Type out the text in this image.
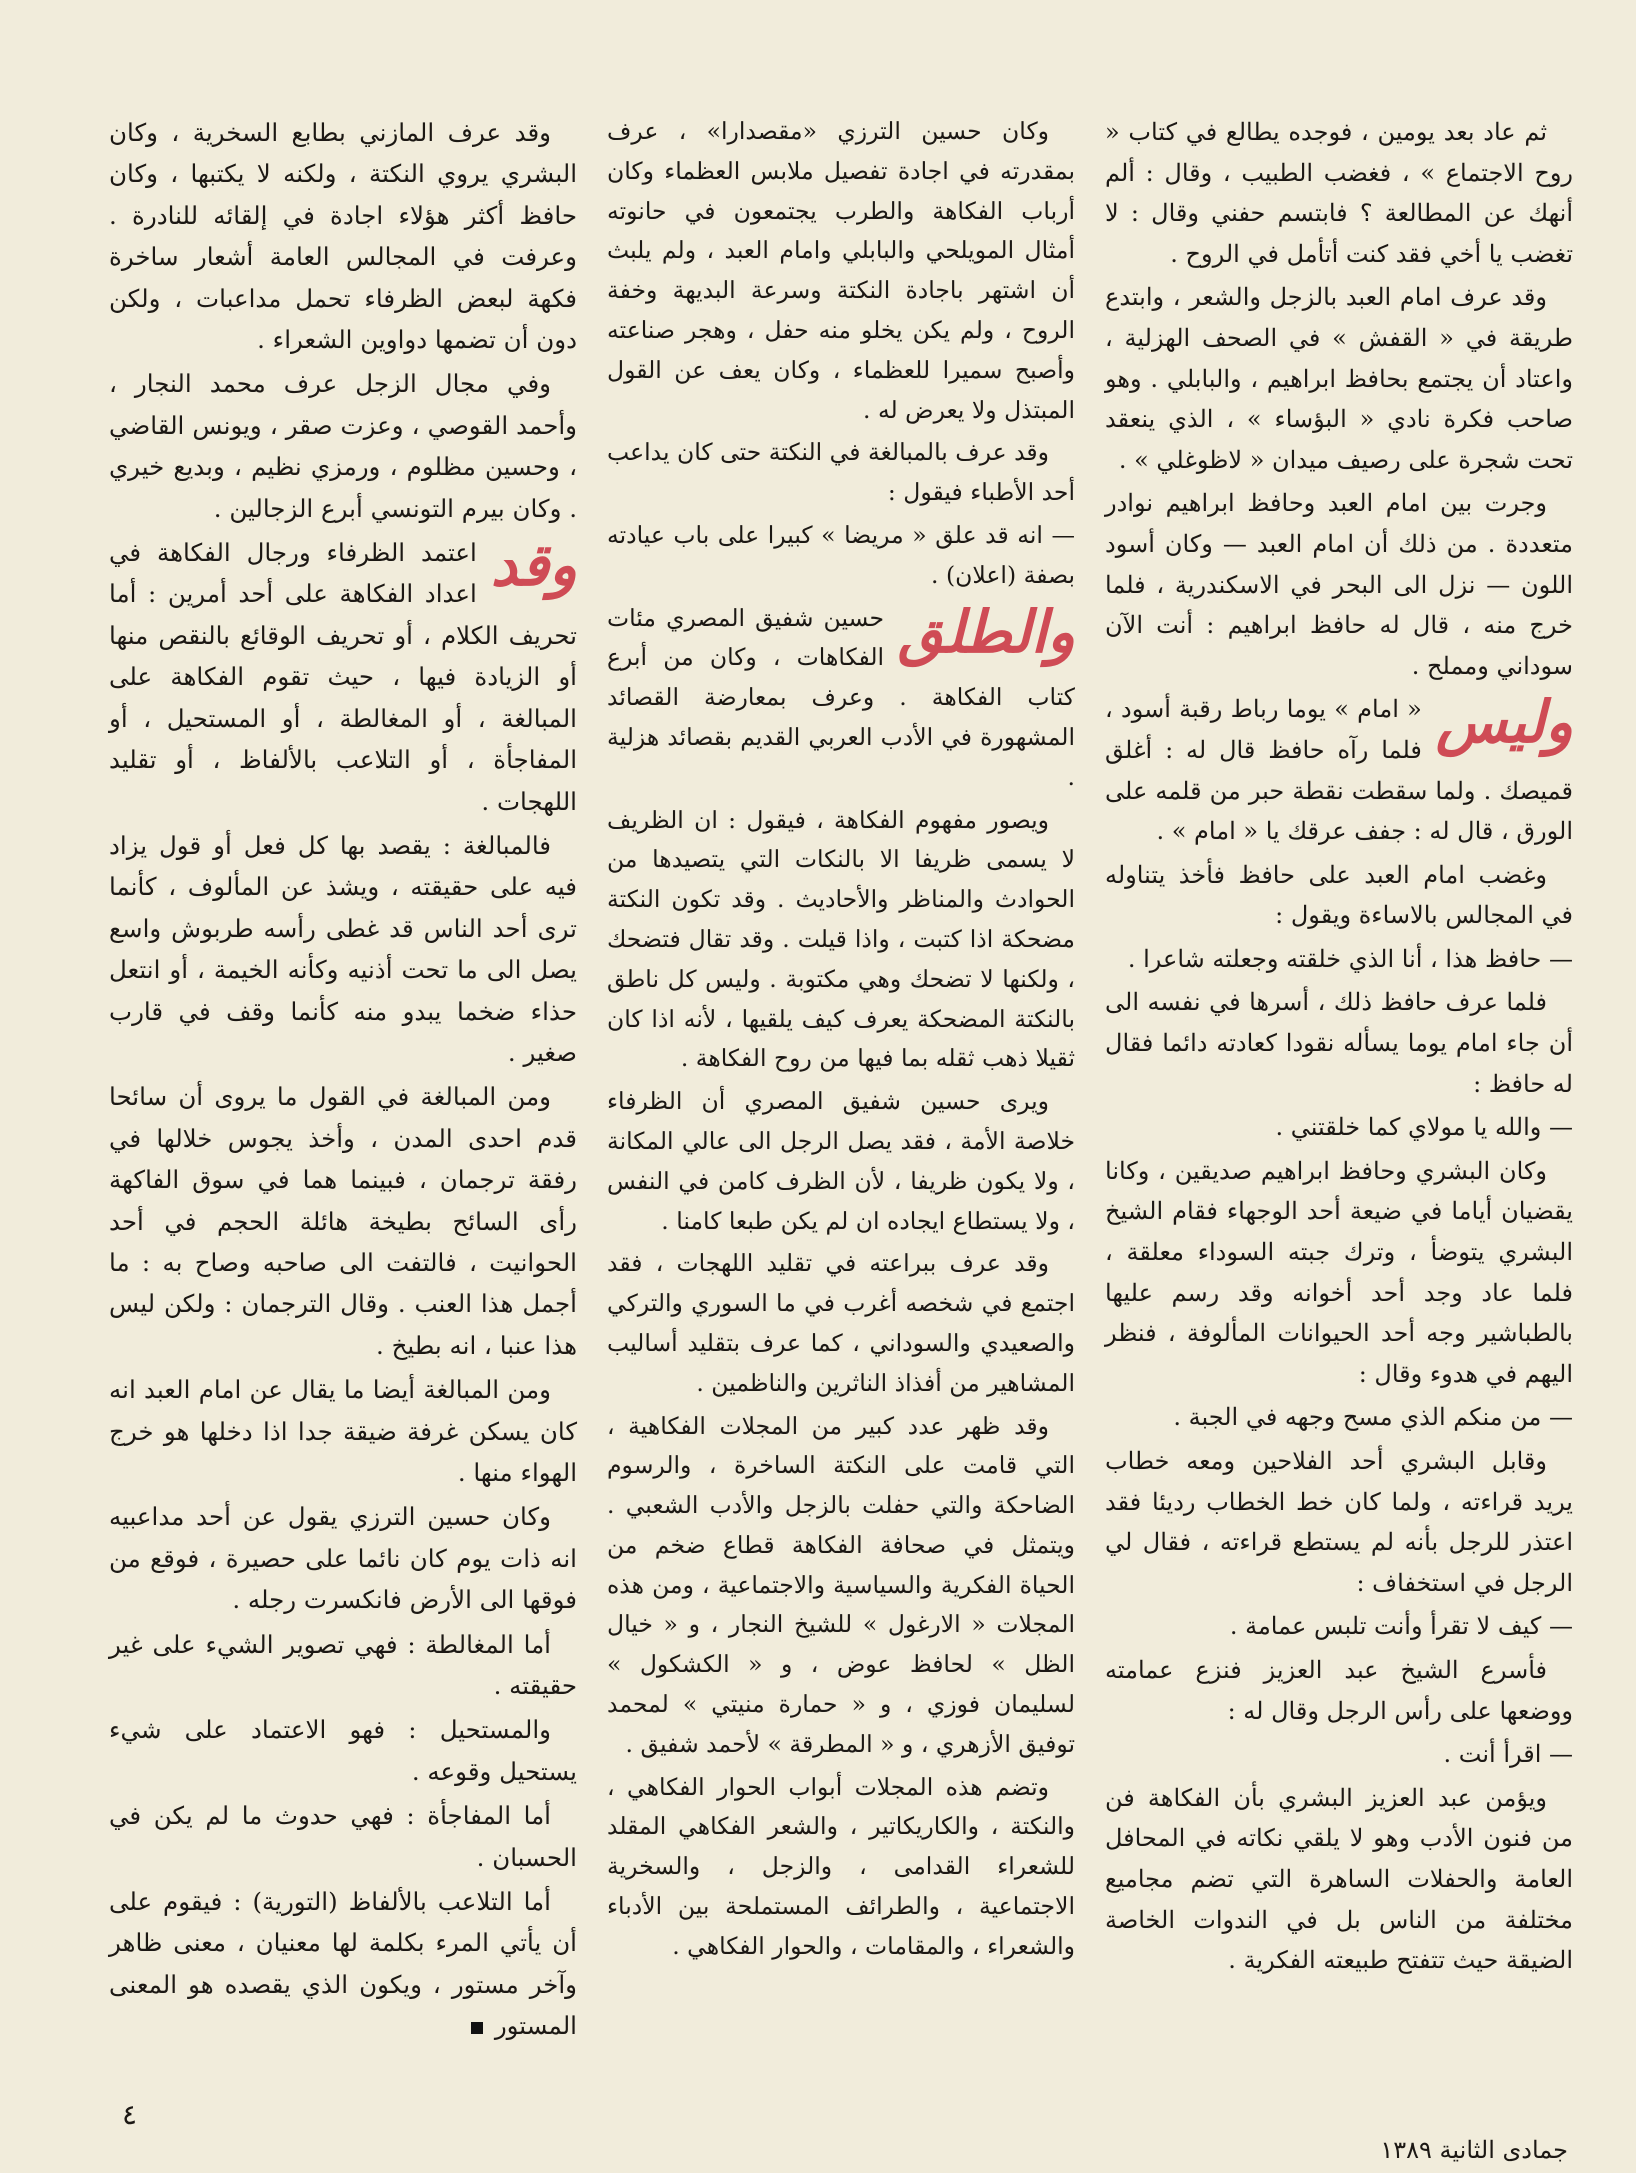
ثم عاد بعد يومين ، فوجده يطالع في كتاب « روح الاجتماع » ، فغضب الطبيب ، وقال : ألم أنهك عن المطالعة ؟ فابتسم حفني وقال : لا تغضب يا أخي فقد كنت أتأمل في الروح .

وقد عرف امام العبد بالزجل والشعر ، وابتدع طريقة في « القفش » في الصحف الهزلية ، واعتاد أن يجتمع بحافظ ابراهيم ، والبابلي . وهو صاحب فكرة نادي « البؤساء » ، الذي ينعقد تحت شجرة على رصيف ميدان « لاظوغلي » .

وجرت بين امام العبد وحافظ ابراهيم نوادر متعددة . من ذلك أن امام العبد — وكان أسود اللون — نزل الى البحر في الاسكندرية ، فلما خرج منه ، قال له حافظ ابراهيم : أنت الآن سوداني ومملح .

وليس

« امام » يوما رباط رقبة أسود ، فلما رآه حافظ قال له : أغلق قميصك . ولما سقطت نقطة حبر من قلمه على الورق ، قال له : جفف عرقك يا « امام » .

وغضب امام العبد على حافظ فأخذ يتناوله في المجالس بالاساءة ويقول :

— حافظ هذا ، أنا الذي خلقته وجعلته شاعرا .

فلما عرف حافظ ذلك ، أسرها في نفسه الى أن جاء امام يوما يسأله نقودا كعادته دائما فقال له حافظ :

— والله يا مولاي كما خلقتني .

وكان البشري وحافظ ابراهيم صديقين ، وكانا يقضيان أياما في ضيعة أحد الوجهاء فقام الشيخ البشري يتوضأ ، وترك جبته السوداء معلقة ، فلما عاد وجد أحد أخوانه وقد رسم عليها بالطباشير وجه أحد الحيوانات المألوفة ، فنظر اليهم في هدوء وقال :

— من منكم الذي مسح وجهه في الجبة .

وقابل البشري أحد الفلاحين ومعه خطاب يريد قراءته ، ولما كان خط الخطاب رديئا فقد اعتذر للرجل بأنه لم يستطع قراءته ، فقال لي الرجل في استخفاف :

— كيف لا تقرأ وأنت تلبس عمامة .

فأسرع الشيخ عبد العزيز فنزع عمامته ووضعها على رأس الرجل وقال له :

— اقرأ أنت .

ويؤمن عبد العزيز البشري بأن الفكاهة فن من فنون الأدب وهو لا يلقي نكاته في المحافل العامة والحفلات الساهرة التي تضم مجاميع مختلفة من الناس بل في الندوات الخاصة الضيقة حيث تتفتح طبيعته الفكرية .

وكان حسين الترزي «مقصدارا» ، عرف بمقدرته في اجادة تفصيل ملابس العظماء وكان أرباب الفكاهة والطرب يجتمعون في حانوته أمثال المويلحي والبابلي وامام العبد ، ولم يلبث أن اشتهر باجادة النكتة وسرعة البديهة وخفة الروح ، ولم يكن يخلو منه حفل ، وهجر صناعته وأصبح سميرا للعظماء ، وكان يعف عن القول المبتذل ولا يعرض له .

وقد عرف بالمبالغة في النكتة حتى كان يداعب أحد الأطباء فيقول :

— انه قد علق « مريضا » كبيرا على باب عيادته بصفة (اعلان) .

والطلق

حسين شفيق المصري مئات الفكاهات ، وكان من أبرع كتاب الفكاهة . وعرف بمعارضة القصائد المشهورة في الأدب العربي القديم بقصائد هزلية .

ويصور مفهوم الفكاهة ، فيقول : ان الظريف لا يسمى ظريفا الا بالنكات التي يتصيدها من الحوادث والمناظر والأحاديث . وقد تكون النكتة مضحكة اذا كتبت ، واذا قيلت . وقد تقال فتضحك ، ولكنها لا تضحك وهي مكتوبة . وليس كل ناطق بالنكتة المضحكة يعرف كيف يلقيها ، لأنه اذا كان ثقيلا ذهب ثقله بما فيها من روح الفكاهة .

ويرى حسين شفيق المصري أن الظرفاء خلاصة الأمة ، فقد يصل الرجل الى عالي المكانة ، ولا يكون ظريفا ، لأن الظرف كامن في النفس ، ولا يستطاع ايجاده ان لم يكن طبعا كامنا .

وقد عرف ببراعته في تقليد اللهجات ، فقد اجتمع في شخصه أغرب في ما السوري والتركي والصعيدي والسوداني ، كما عرف بتقليد أساليب المشاهير من أفذاذ الناثرين والناظمين .

وقد ظهر عدد كبير من المجلات الفكاهية ، التي قامت على النكتة الساخرة ، والرسوم الضاحكة والتي حفلت بالزجل والأدب الشعبي . ويتمثل في صحافة الفكاهة قطاع ضخم من الحياة الفكرية والسياسية والاجتماعية ، ومن هذه المجلات « الارغول » للشيخ النجار ، و « خيال الظل » لحافظ عوض ، و « الكشكول » لسليمان فوزي ، و « حمارة منيتي » لمحمد توفيق الأزهري ، و « المطرقة » لأحمد شفيق .

وتضم هذه المجلات أبواب الحوار الفكاهي ، والنكتة ، والكاريكاتير ، والشعر الفكاهي المقلد للشعراء القدامى ، والزجل ، والسخرية الاجتماعية ، والطرائف المستملحة بين الأدباء والشعراء ، والمقامات ، والحوار الفكاهي .

وقد عرف المازني بطابع السخرية ، وكان البشري يروي النكتة ، ولكنه لا يكتبها ، وكان حافظ أكثر هؤلاء اجادة في إلقائه للنادرة . وعرفت في المجالس العامة أشعار ساخرة فكهة لبعض الظرفاء تحمل مداعبات ، ولكن دون أن تضمها دواوين الشعراء .

وفي مجال الزجل عرف محمد النجار ، وأحمد القوصي ، وعزت صقر ، ويونس القاضي ، وحسين مظلوم ، ورمزي نظيم ، وبديع خيري . وكان بيرم التونسي أبرع الزجالين .

وقد

اعتمد الظرفاء ورجال الفكاهة في اعداد الفكاهة على أحد أمرين : أما تحريف الكلام ، أو تحريف الوقائع بالنقص منها أو الزيادة فيها ، حيث تقوم الفكاهة على المبالغة ، أو المغالطة ، أو المستحيل ، أو المفاجأة ، أو التلاعب بالألفاظ ، أو تقليد اللهجات .

فالمبالغة : يقصد بها كل فعل أو قول يزاد فيه على حقيقته ، ويشذ عن المألوف ، كأنما ترى أحد الناس قد غطى رأسه طربوش واسع يصل الى ما تحت أذنيه وكأنه الخيمة ، أو انتعل حذاء ضخما يبدو منه كأنما وقف في قارب صغير .

ومن المبالغة في القول ما يروى أن سائحا قدم احدى المدن ، وأخذ يجوس خلالها في رفقة ترجمان ، فبينما هما في سوق الفاكهة رأى السائح بطيخة هائلة الحجم في أحد الحوانيت ، فالتفت الى صاحبه وصاح به : ما أجمل هذا العنب . وقال الترجمان : ولكن ليس هذا عنبا ، انه بطيخ .

ومن المبالغة أيضا ما يقال عن امام العبد انه كان يسكن غرفة ضيقة جدا اذا دخلها هو خرج الهواء منها .

وكان حسين الترزي يقول عن أحد مداعبيه انه ذات يوم كان نائما على حصيرة ، فوقع من فوقها الى الأرض فانكسرت رجله .

أما المغالطة : فهي تصوير الشيء على غير حقيقته .

والمستحيل : فهو الاعتماد على شيء يستحيل وقوعه .

أما المفاجأة : فهي حدوث ما لم يكن في الحسبان .

أما التلاعب بالألفاظ (التورية) : فيقوم على أن يأتي المرء بكلمة لها معنيان ، معنى ظاهر وآخر مستور ، ويكون الذي يقصده هو المعنى المستور

٤
جمادى الثانية ١٣٨٩
